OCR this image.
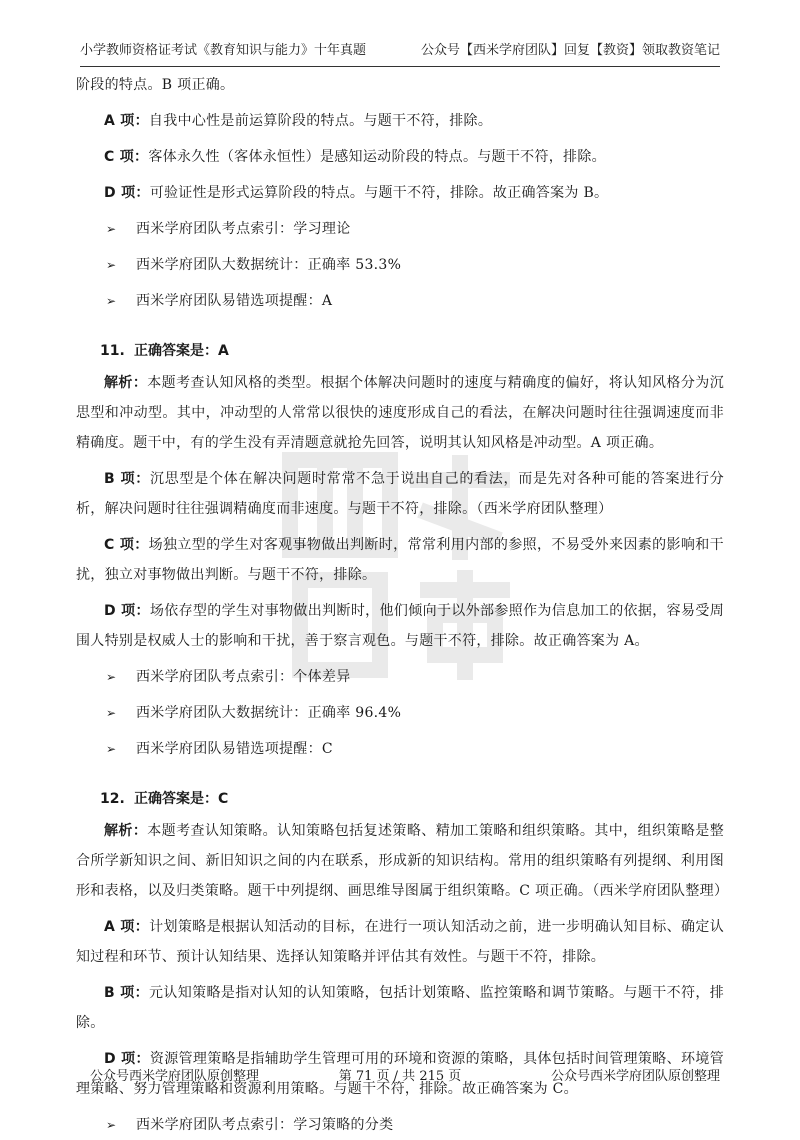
小学教师资格证考试《教育知识与能力》十年真题	公众号【西米学府团队】回复【教资】领取教资笔记

阶段的特点。B 项正确。

A 项：自我中心性是前运算阶段的特点。与题干不符，排除。

C 项：客体永久性（客体永恒性）是感知运动阶段的特点。与题干不符，排除。

D 项：可验证性是形式运算阶段的特点。与题干不符，排除。故正确答案为 B。

➢ 西米学府团队考点索引：学习理论
➢ 西米学府团队大数据统计：正确率 53.3%
➢ 西米学府团队易错选项提醒：A
11. 正确答案是：A

解析：本题考查认知风格的类型。根据个体解决问题时的速度与精确度的偏好，将认知风格分为沉思型和冲动型。其中，冲动型的人常常以很快的速度形成自己的看法，在解决问题时往往强调速度而非精确度。题干中，有的学生没有弄清题意就抢先回答，说明其认知风格是冲动型。A 项正确。

B 项：沉思型是个体在解决问题时常常不急于说出自己的看法，而是先对各种可能的答案进行分析，解决问题时往往强调精确度而非速度。与题干不符，排除。（西米学府团队整理）

C 项：场独立型的学生对客观事物做出判断时，常常利用内部的参照，不易受外来因素的影响和干扰，独立对事物做出判断。与题干不符，排除。

D 项：场依存型的学生对事物做出判断时，他们倾向于以外部参照作为信息加工的依据，容易受周围人特别是权威人士的影响和干扰，善于察言观色。与题干不符，排除。故正确答案为 A。

➢ 西米学府团队考点索引：个体差异
➢ 西米学府团队大数据统计：正确率 96.4%
➢ 西米学府团队易错选项提醒：C
12. 正确答案是：C

解析：本题考查认知策略。认知策略包括复述策略、精加工策略和组织策略。其中，组织策略是整合所学新知识之间、新旧知识之间的内在联系，形成新的知识结构。常用的组织策略有列提纲、利用图形和表格，以及归类策略。题干中列提纲、画思维导图属于组织策略。C 项正确。（西米学府团队整理）

A 项：计划策略是根据认知活动的目标，在进行一项认知活动之前，进一步明确认知目标、确定认知过程和环节、预计认知结果、选择认知策略并评估其有效性。与题干不符，排除。

B 项：元认知策略是指对认知的认知策略，包括计划策略、监控策略和调节策略。与题干不符，排除。

D 项：资源管理策略是指辅助学生管理可用的环境和资源的策略，具体包括时间管理策略、环境管理策略、努力管理策略和资源利用策略。与题干不符，排除。故正确答案为 C。

➢ 西米学府团队考点索引：学习策略的分类
公众号西米学府团队原创整理	第 71 页 / 共 215 页	公众号西米学府团队原创整理
